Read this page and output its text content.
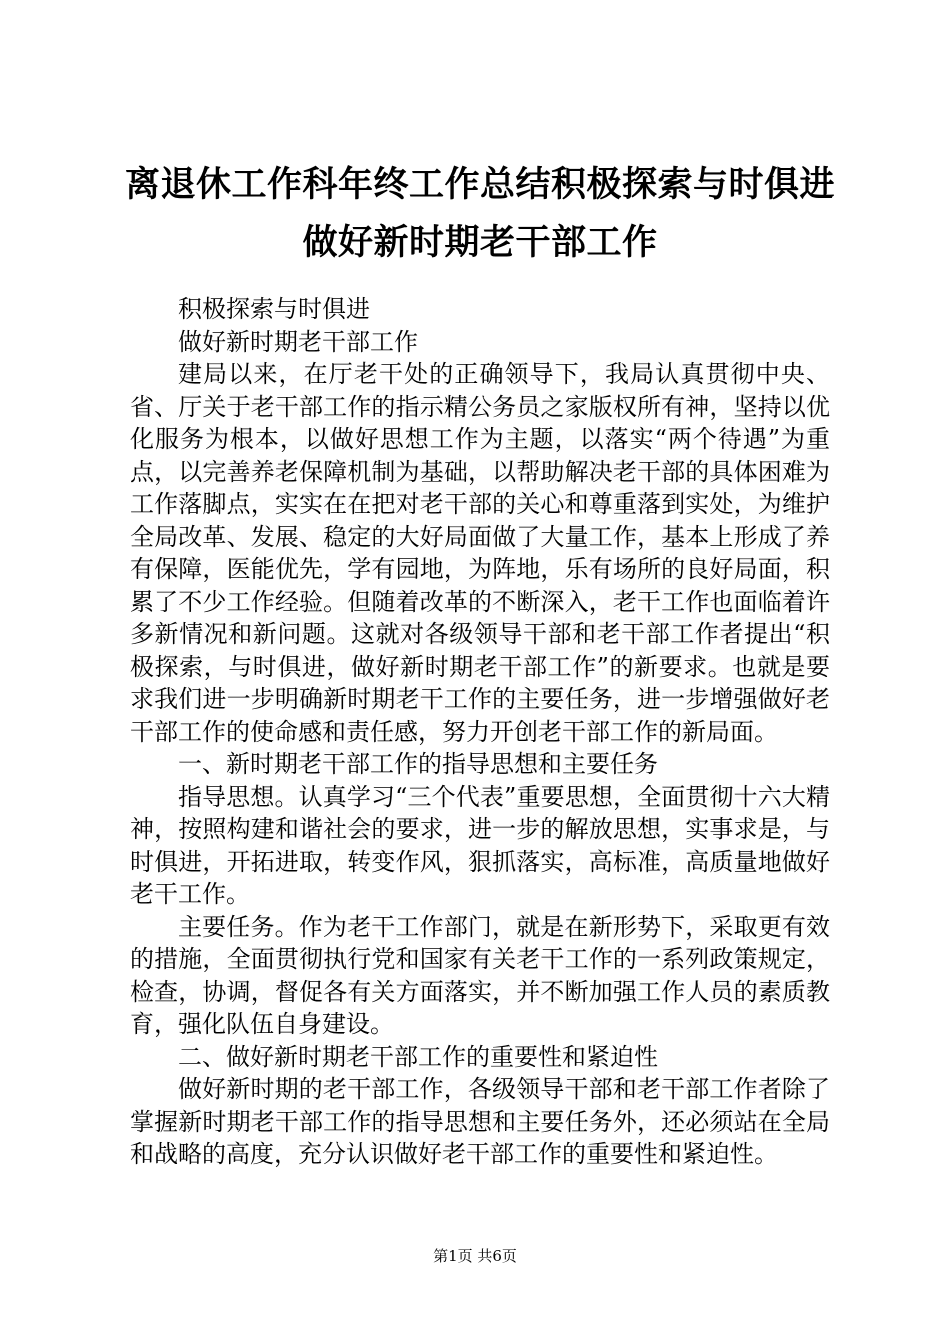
离退休工作科年终工作总结积极探索与时俱进
做好新时期老干部工作

积极探索与时俱进

做好新时期老干部工作

建局以来，在厅老干处的正确领导下，我局认真贯彻中央、省、厅关于老干部工作的指示精公务员之家版权所有神，坚持以优化服务为根本，以做好思想工作为主题，以落实“两个待遇”为重点，以完善养老保障机制为基础，以帮助解决老干部的具体困难为工作落脚点，实实在在把对老干部的关心和尊重落到实处，为维护全局改革、发展、稳定的大好局面做了大量工作，基本上形成了养有保障，医能优先，学有园地，为阵地，乐有场所的良好局面，积累了不少工作经验。但随着改革的不断深入，老干工作也面临着许多新情况和新问题。这就对各级领导干部和老干部工作者提出“积极探索，与时俱进，做好新时期老干部工作”的新要求。也就是要求我们进一步明确新时期老干工作的主要任务，进一步增强做好老干部工作的使命感和责任感，努力开创老干部工作的新局面。

一、新时期老干部工作的指导思想和主要任务

指导思想。认真学习“三个代表”重要思想，全面贯彻十六大精神，按照构建和谐社会的要求，进一步的解放思想，实事求是，与时俱进，开拓进取，转变作风，狠抓落实，高标准，高质量地做好老干工作。

主要任务。作为老干工作部门，就是在新形势下，采取更有效的措施，全面贯彻执行党和国家有关老干工作的一系列政策规定，检查，协调，督促各有关方面落实，并不断加强工作人员的素质教育，强化队伍自身建设。

二、做好新时期老干部工作的重要性和紧迫性

做好新时期的老干部工作，各级领导干部和老干部工作者除了掌握新时期老干部工作的指导思想和主要任务外，还必须站在全局和战略的高度，充分认识做好老干部工作的重要性和紧迫性。

第1页 共6页
